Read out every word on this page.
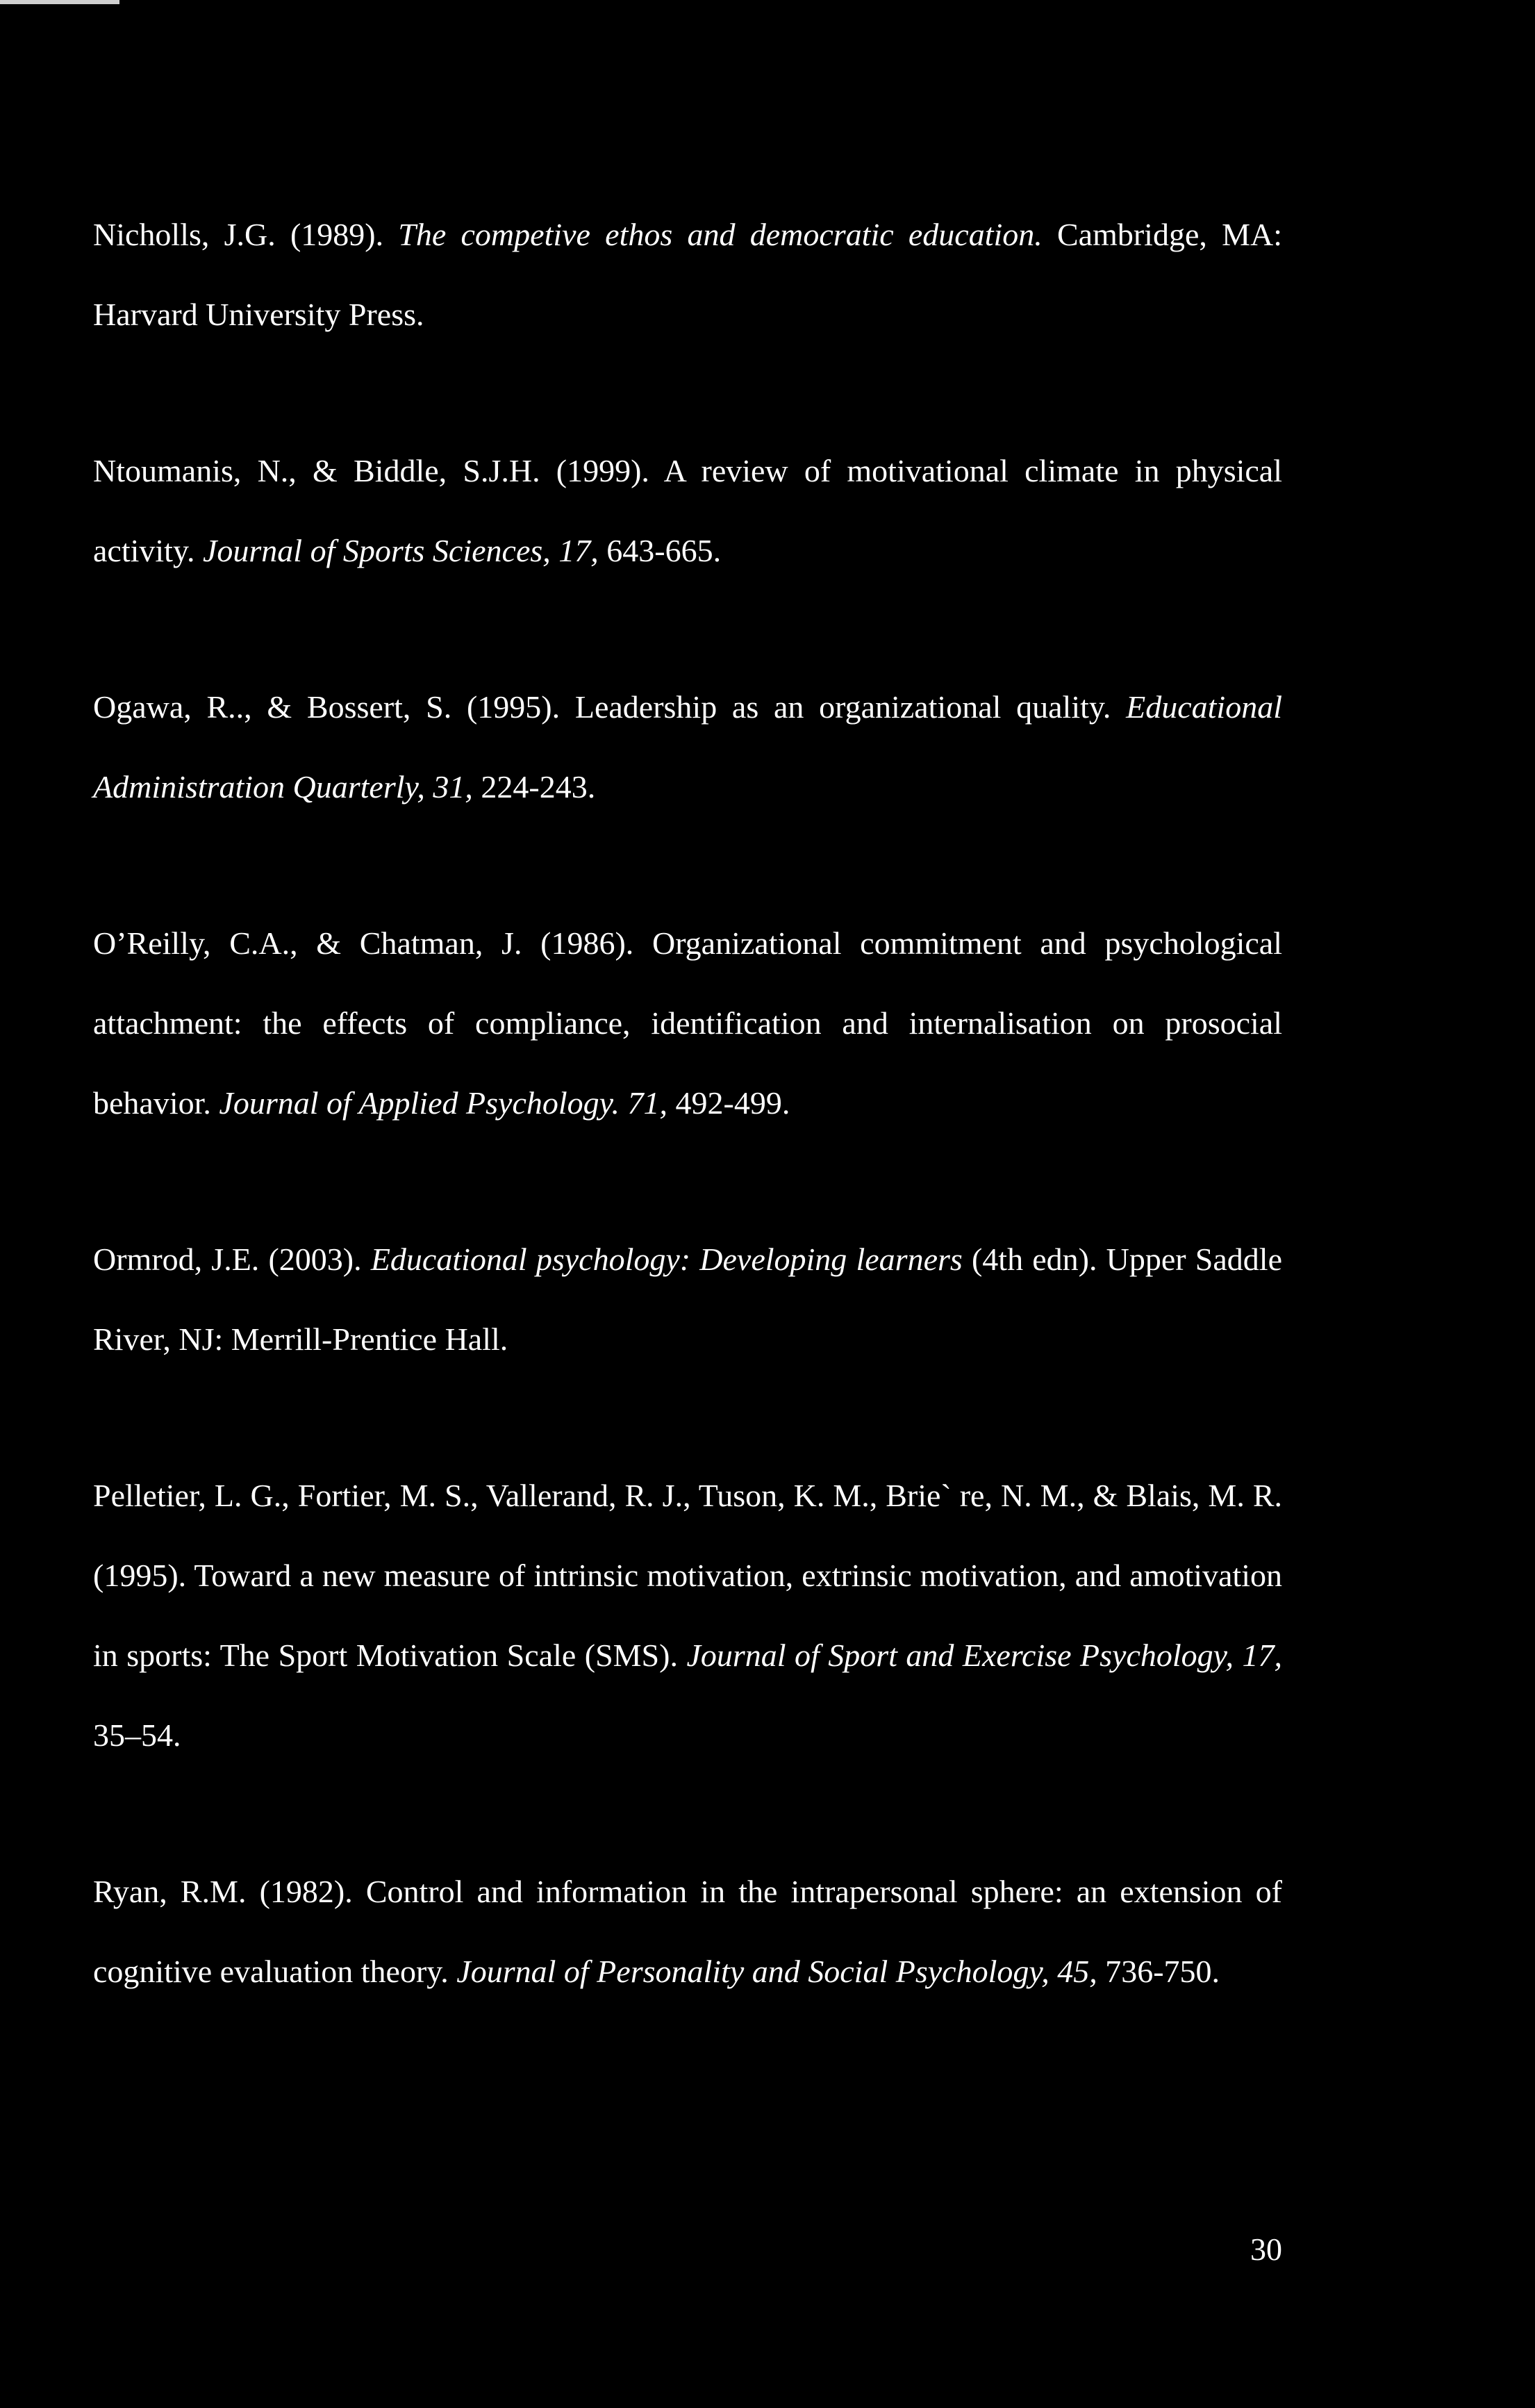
Nicholls, J.G. (1989). The competive ethos and democratic education. Cambridge, MA: Harvard University Press.

Ntoumanis, N., & Biddle, S.J.H. (1999). A review of motivational climate in physical activity. Journal of Sports Sciences, 17, 643-665.

Ogawa, R.., & Bossert, S. (1995). Leadership as an organizational quality. Educational Administration Quarterly, 31, 224-243.

O’Reilly, C.A., & Chatman, J. (1986). Organizational commitment and psychological attachment: the effects of compliance, identification and internalisation on prosocial behavior. Journal of Applied Psychology. 71, 492-499.

Ormrod, J.E. (2003). Educational psychology: Developing learners (4th edn). Upper Saddle River, NJ: Merrill-Prentice Hall.

Pelletier, L. G., Fortier, M. S., Vallerand, R. J., Tuson, K. M., Brie` re, N. M., & Blais, M. R. (1995). Toward a new measure of intrinsic motivation, extrinsic motivation, and amotivation in sports: The Sport Motivation Scale (SMS). Journal of Sport and Exercise Psychology, 17, 35–54.

Ryan, R.M. (1982). Control and information in the intrapersonal sphere: an extension of cognitive evaluation theory. Journal of Personality and Social Psychology, 45, 736-750.

30
